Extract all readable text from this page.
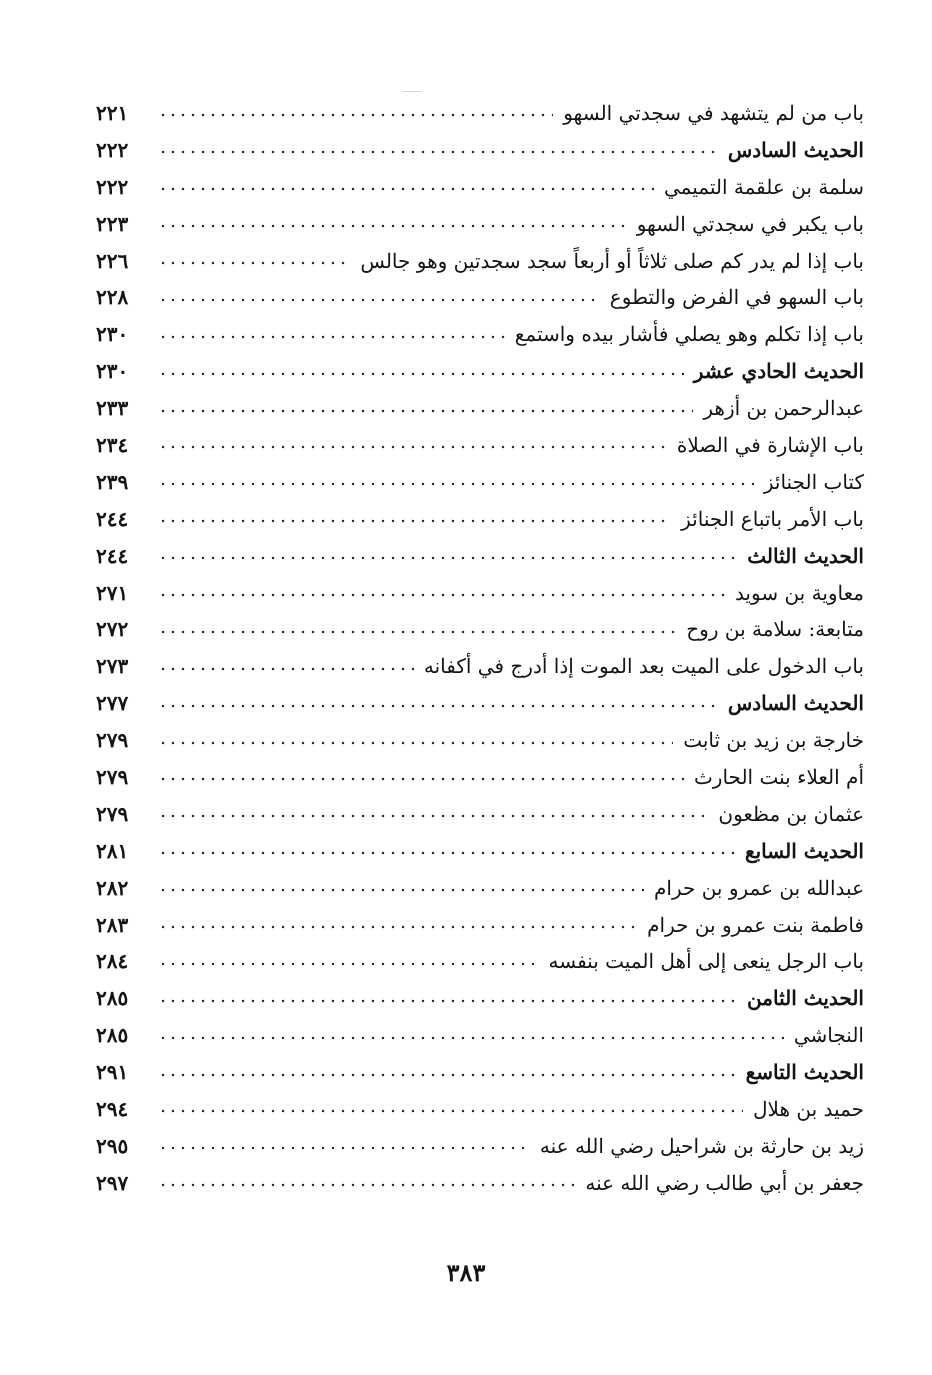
باب من لم يتشهد في سجدتي السهو
٢٢١
الحديث السادس
٢٢٢
سلمة بن علقمة التميمي
٢٢٢
باب يكبر في سجدتي السهو
٢٢٣
باب إذا لم يدر كم صلى ثلاثاً أو أربعاً سجد سجدتين وهو جالس
٢٢٦
باب السهو في الفرض والتطوع
٢٢٨
باب إذا تكلم وهو يصلي فأشار بيده واستمع
٢٣٠
الحديث الحادي عشر
٢٣٠
عبدالرحمن بن أزهر
٢٣٣
باب الإشارة في الصلاة
٢٣٤
كتاب الجنائز
٢٣٩
باب الأمر باتباع الجنائز
٢٤٤
الحديث الثالث
٢٤٤
معاوية بن سويد
٢٧١
متابعة: سلامة بن روح
٢٧٢
باب الدخول على الميت بعد الموت إذا أدرج في أكفانه
٢٧٣
الحديث السادس
٢٧٧
خارجة بن زيد بن ثابت
٢٧٩
أم العلاء بنت الحارث
٢٧٩
عثمان بن مظعون
٢٧٩
الحديث السابع
٢٨١
عبدالله بن عمرو بن حرام
٢٨٢
فاطمة بنت عمرو بن حرام
٢٨٣
باب الرجل ينعى إلى أهل الميت بنفسه
٢٨٤
الحديث الثامن
٢٨٥
النجاشي
٢٨٥
الحديث التاسع
٢٩١
حميد بن هلال
٢٩٤
زيد بن حارثة بن شراحيل رضي الله عنه
٢٩٥
جعفر بن أبي طالب رضي الله عنه
٢٩٧
٣٨٣
